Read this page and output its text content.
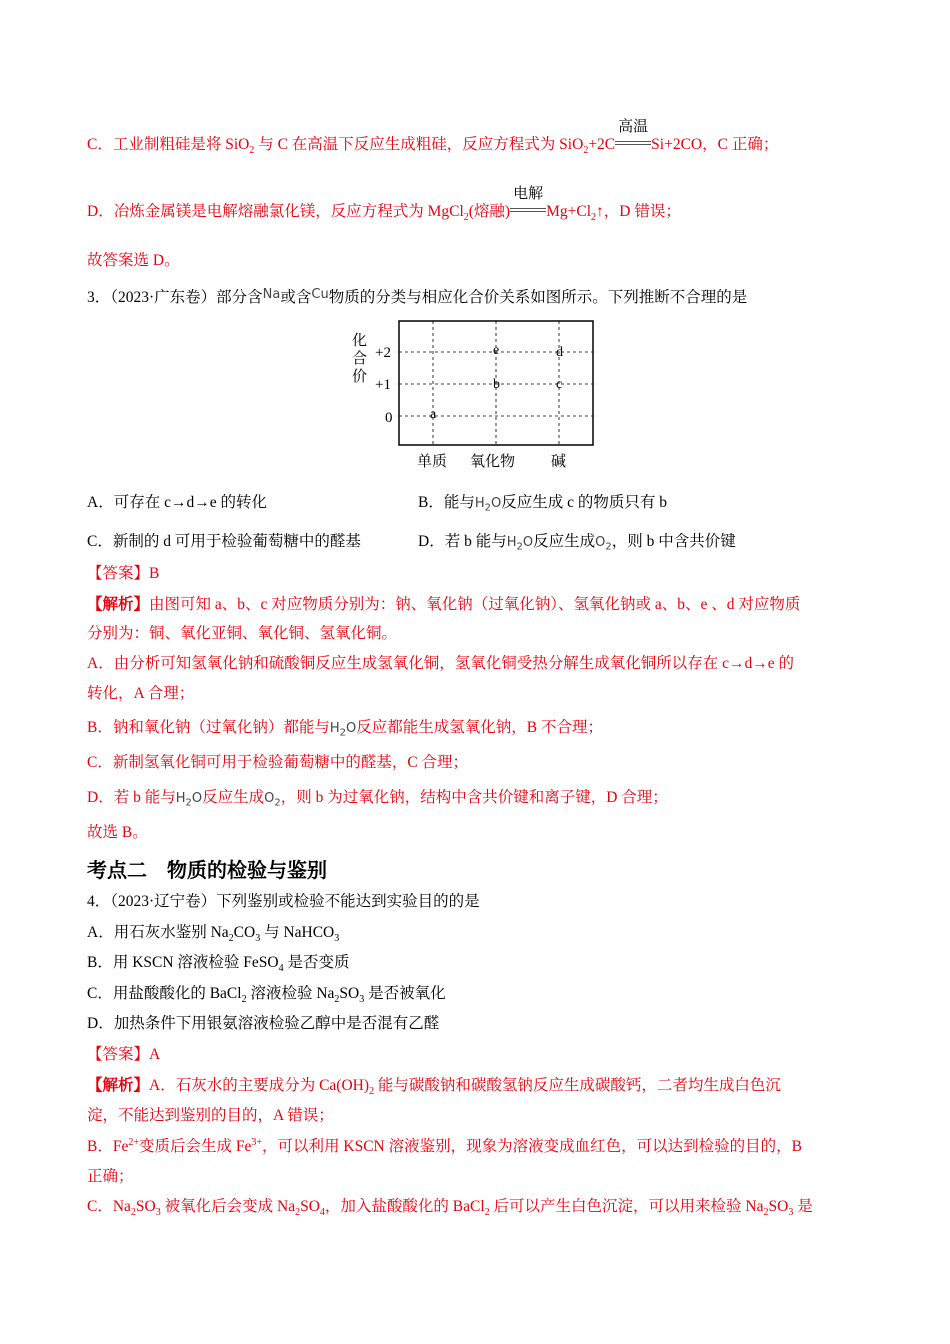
C．工业制粗硅是将 SiO$_2$ 与 C 在高温下反应生成粗硅，反应方程式为 SiO$_2$+2C
高温
Si+2CO，C 正确；
D．冶炼金属镁是电解熔融氯化镁，反应方程式为 MgCl$_2$(熔融)
电解
$Mg+Cl_2↑$，D 错误；
故答案选 D。
3．（2023·广东卷）部分含$^{Na}$或含$^{Cu}$物质的分类与相应化合价关系如图所示。下列推断不合理的是
化
合
价
+2
+1
0
单质 氧化物 碱
a
b	c
d
e
A．可存在 c→d→e 的转化	B．能与$H_2O$反应生成 c 的物质只有 b
C．新制的 d 可用于检验葡萄糖中的醛基	D．若 b 能与$H_2O$反应生成$O_2$，则 b 中含共价键
【答案】B
【解析】由图可知 a、b、c 对应物质分别为：钠、氧化钠（过氧化钠）、氢氧化钠或 a、b、e 、d 对应物质
分别为：铜、氧化亚铜、氧化铜、氢氧化铜。
A．由分析可知氢氧化钠和硫酸铜反应生成氢氧化铜，氢氧化铜受热分解生成氧化铜所以存在 c→d→e 的
转化，A 合理；
B．钠和氧化钠（过氧化钠）都能与$H_2O$反应都能生成氢氧化钠，B 不合理；
C．新制氢氧化铜可用于检验葡萄糖中的醛基，C 合理；
D．若 b 能与$H_2O$反应生成$O_2$，则 b 为过氧化钠，结构中含共价键和离子键，D 合理；
故选 B。
考点二　物质的检验与鉴别
4．（2023·辽宁卷）下列鉴别或检验不能达到实验目的的是
A．用石灰水鉴别 $Na_2CO_3$ 与 NaHCO$_3$
B．用 KSCN 溶液检验 FeSO$_4$ 是否变质
C．用盐酸酸化的 BaCl$_2$ 溶液检验 $Na_2SO_3$ 是否被氧化
D．加热条件下用银氨溶液检验乙醇中是否混有乙醛
【答案】A
【解析】A．石灰水的主要成分为 $Ca(OH)_2$ 能与碳酸钠和碳酸氢钠反应生成碳酸钙，二者均生成白色沉
淀，不能达到鉴别的目的，A 错误；
B．$Fe^{2+}$变质后会生成 $Fe^{3+}$，可以利用 KSCN 溶液鉴别，现象为溶液变成血红色，可以达到检验的目的，B
正确；
C．$Na_2SO_3$ 被氧化后会变成 $Na_2SO_4$，加入盐酸酸化的 BaCl$_2$ 后可以产生白色沉淀，可以用来检验 $Na_2SO_3$ 是
